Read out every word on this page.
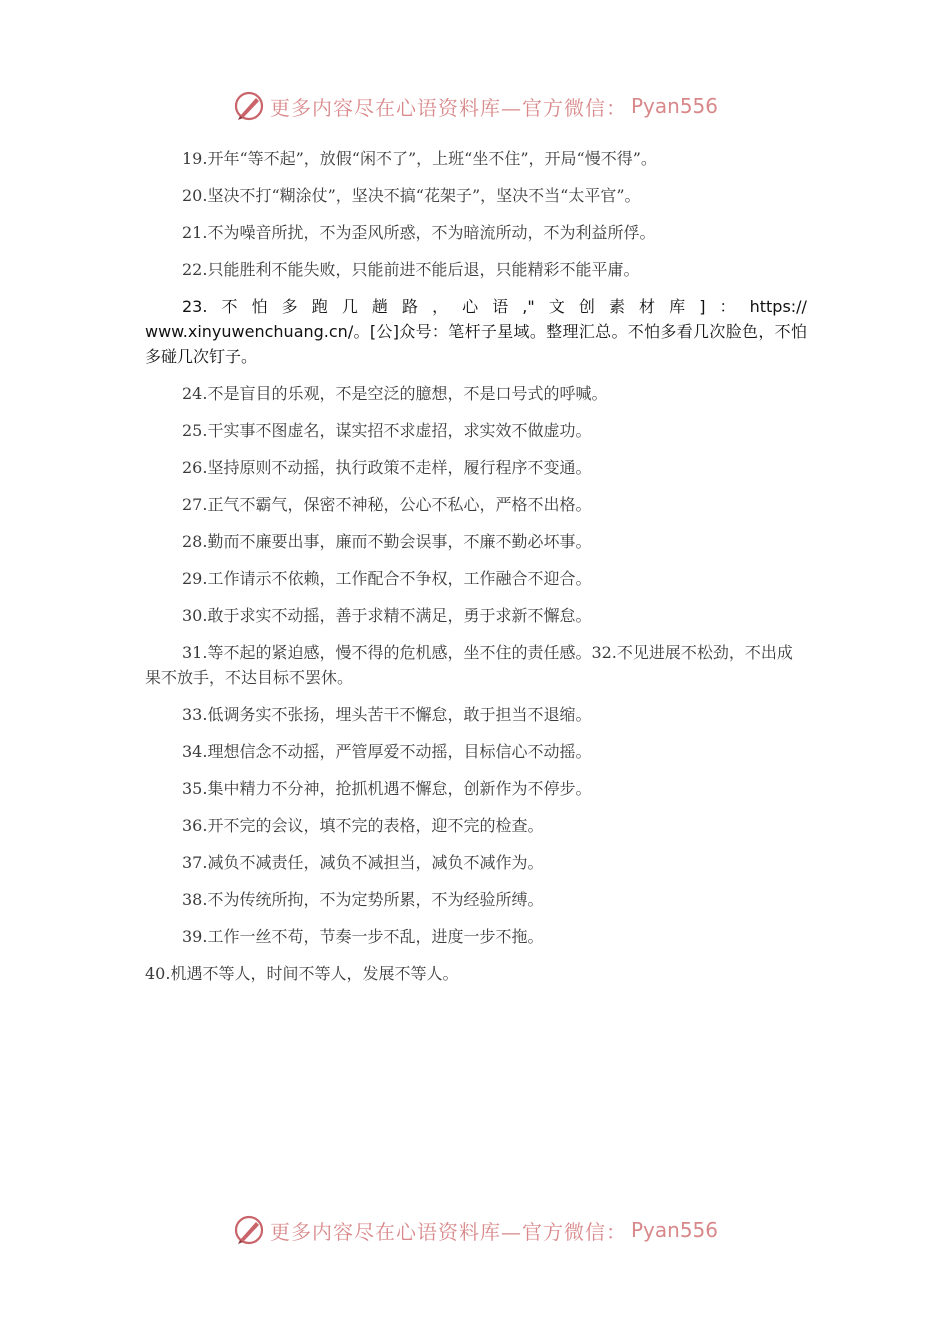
更多内容尽在心语资料库—官方微信： Pyan556

19.开年“等不起”，放假“闲不了”，上班“坐不住”，开局“慢不得”。

20.坚决不打“糊涂仗”，坚决不搞“花架子”，坚决不当“太平官”。

21.不为噪音所扰，不为歪风所惑，不为暗流所动，不为利益所俘。

22.只能胜利不能失败，只能前进不能后退，只能精彩不能平庸。

23. 不 怕 多 跑 几 趟 路 ， 心 语 ," 文 创 素 材 库 ] ： https://
www.xinyuwenchuang.cn/。[公]众号：笔杆子星域。整理汇总。不怕多看几次脸色，不怕多碰几次钉子。

24.不是盲目的乐观，不是空泛的臆想，不是口号式的呼喊。

25.干实事不图虚名，谋实招不求虚招，求实效不做虚功。

26.坚持原则不动摇，执行政策不走样，履行程序不变通。

27.正气不霸气，保密不神秘，公心不私心，严格不出格。

28.勤而不廉要出事，廉而不勤会误事，不廉不勤必坏事。

29.工作请示不依赖，工作配合不争权，工作融合不迎合。

30.敢于求实不动摇，善于求精不满足，勇于求新不懈怠。

31.等不起的紧迫感，慢不得的危机感，坐不住的责任感。32.不见进展不松劲，不出成果不放手，不达目标不罢休。

33.低调务实不张扬，埋头苦干不懈怠，敢于担当不退缩。

34.理想信念不动摇，严管厚爱不动摇，目标信心不动摇。

35.集中精力不分神，抢抓机遇不懈怠，创新作为不停步。

36.开不完的会议，填不完的表格，迎不完的检查。

37.减负不减责任，减负不减担当，减负不减作为。

38.不为传统所拘，不为定势所累，不为经验所缚。

39.工作一丝不苟，节奏一步不乱，进度一步不拖。

40.机遇不等人，时间不等人，发展不等人。

更多内容尽在心语资料库—官方微信： Pyan556
